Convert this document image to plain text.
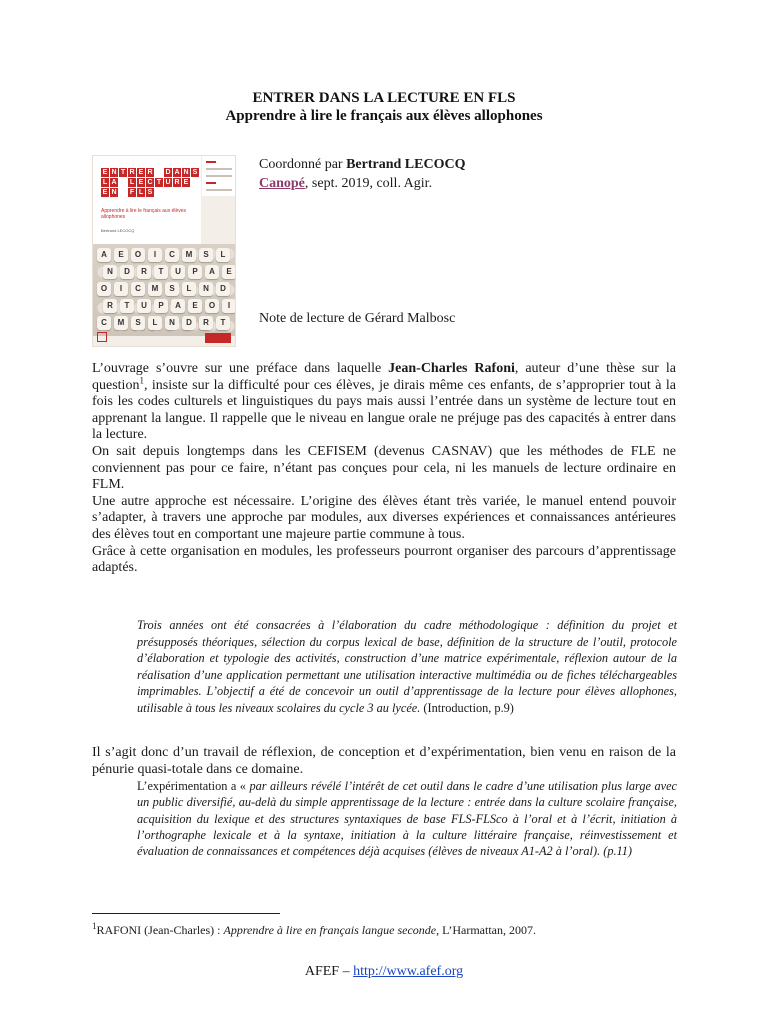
ENTRER DANS LA LECTURE EN FLS
Apprendre à lire le français aux élèves allophones
E N T R E R D A N S
L A L E C T U R E
E N F L S
Apprendre à lire le français aux élèves allophones
Bertrand LECOCQ
A	E	O	I	C	M	S	L
N	D	R	T	U	P	A	E
O	I	C	M	S	L	N	D
R	T	U	P	A	E	O	I
C	M	S	L	N	D	R	T
Coordonné par Bertrand LECOCQ
Canopé, sept. 2019, coll. Agir.
Note de lecture de Gérard Malbosc

L’ouvrage s’ouvre sur une préface dans laquelle Jean-Charles Rafoni, auteur d’une thèse sur la question$^1$, insiste sur la difficulté pour ces élèves, je dirais même ces enfants, de s’approprier tout à la fois les codes culturels et linguistiques du pays mais aussi l’entrée dans un système de lecture tout en apprenant la langue. Il rappelle que le niveau en langue orale ne préjuge pas des capacités à entrer dans la lecture.

On sait depuis longtemps dans les CEFISEM (devenus CASNAV) que les méthodes de FLE ne conviennent pas pour ce faire, n’étant pas conçues pour cela, ni les manuels de lecture ordinaire en FLM.

Une autre approche est nécessaire. L’origine des élèves étant très variée, le manuel entend pouvoir s’adapter, à travers une approche par modules, aux diverses expériences et connaissances antérieures des élèves tout en comportant une majeure partie commune à tous.

Grâce à cette organisation en modules, les professeurs pourront organiser des parcours d’apprentissage adaptés.

Trois années ont été consacrées à l’élaboration du cadre méthodologique : définition du projet et présupposés théoriques, sélection du corpus lexical de base, définition de la structure de l’outil, protocole d’élaboration et typologie des activités, construction d’une matrice expérimentale, réflexion autour de la réalisation d’une application permettant une utilisation interactive multimédia ou de fiches téléchargeables imprimables. L’objectif a été de concevoir un outil d’apprentissage de la lecture pour élèves allophones, utilisable à tous les niveaux scolaires du cycle 3 au lycée. (Introduction, p.9)

Il s’agit donc d’un travail de réflexion, de conception et d’expérimentation, bien venu en raison de la pénurie quasi-totale dans ce domaine.

L’expérimentation a « par ailleurs révélé l’intérêt de cet outil dans le cadre d’une utilisation plus large avec un public diversifié, au-delà du simple apprentissage de la lecture : entrée dans la culture scolaire française, acquisition du lexique et des structures syntaxiques de base FLS-FLSco à l’oral et à l’écrit, initiation à l’orthographe lexicale et à la syntaxe, initiation à la culture littéraire française, réinvestissement et évaluation de connaissances et compétences déjà acquises (élèves de niveaux A1-A2 à l’oral). (p.11)
$^1$RAFONI (Jean-Charles) : Apprendre à lire en français langue seconde, L’Harmattan, 2007.
AFEF – http://www.afef.org
